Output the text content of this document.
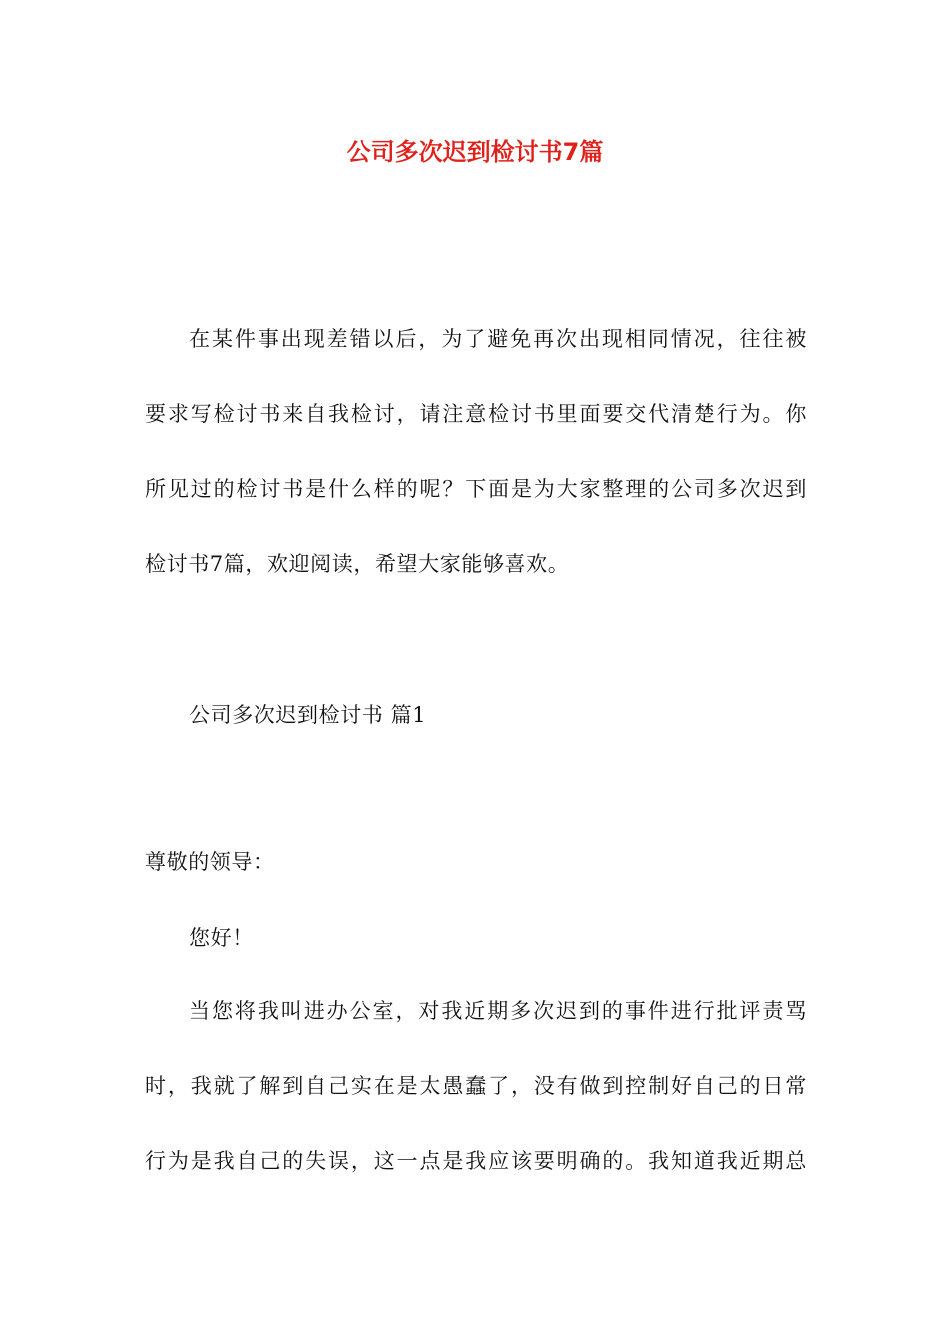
公司多次迟到检讨书7篇
在某件事出现差错以后，为了避免再次出现相同情况，往往被
要求写检讨书来自我检讨，请注意检讨书里面要交代清楚行为。你
所见过的检讨书是什么样的呢？下面是为大家整理的公司多次迟到
检讨书7篇，欢迎阅读，希望大家能够喜欢。
公司多次迟到检讨书 篇1
尊敬的领导：
您好！
当您将我叫进办公室，对我近期多次迟到的事件进行批评责骂
时，我就了解到自己实在是太愚蠢了，没有做到控制好自己的日常
行为是我自己的失误，这一点是我应该要明确的。我知道我近期总
